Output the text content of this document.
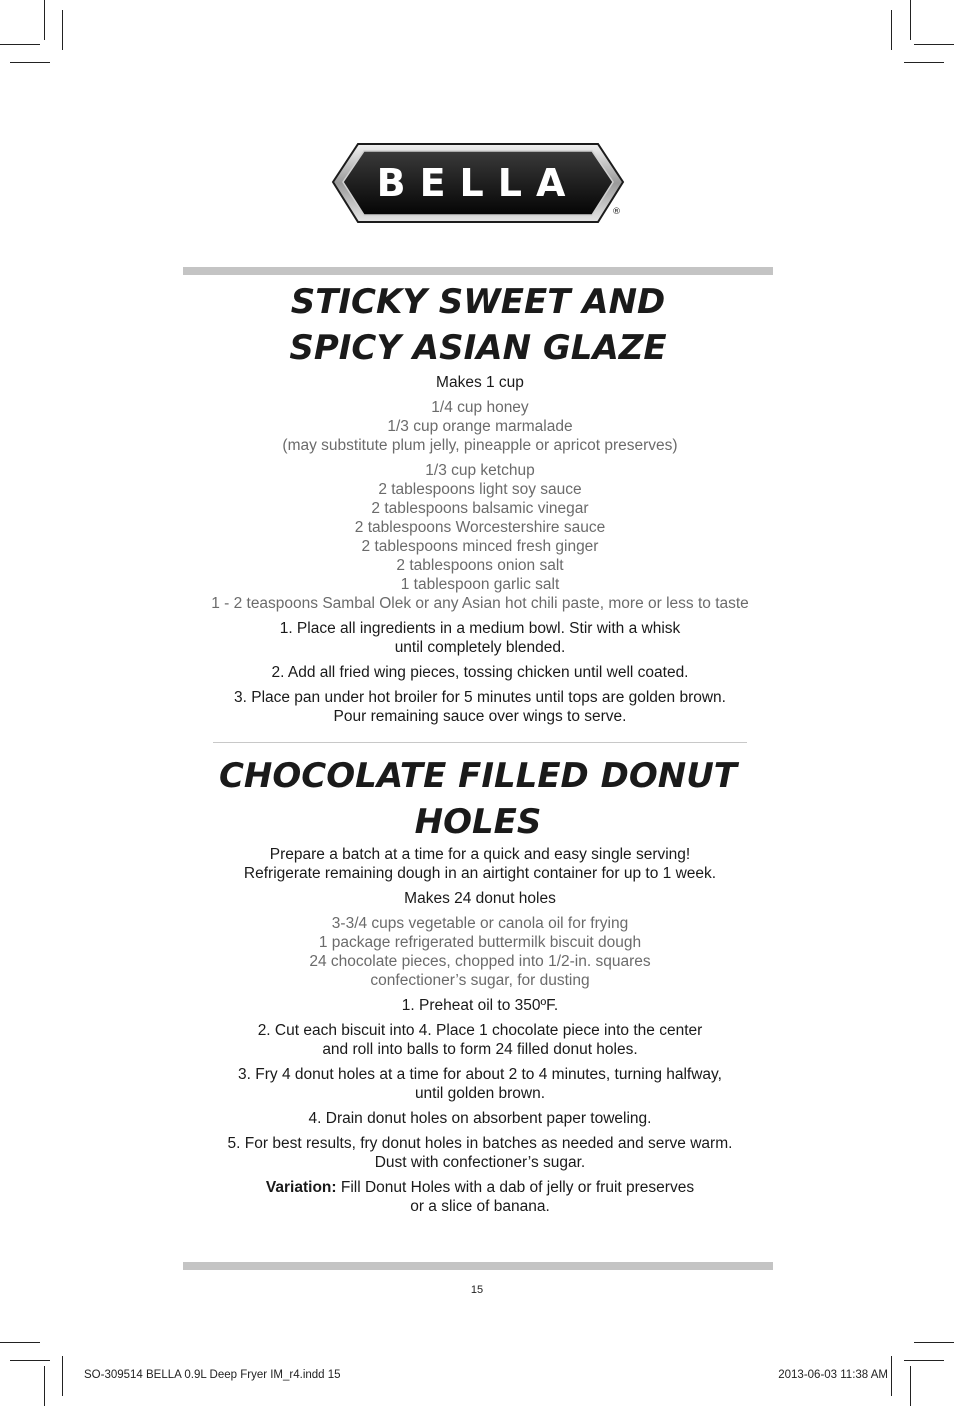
BELLA
®
STICKY SWEET AND
SPICY ASIAN GLAZE
Makes 1 cup
1/4 cup honey
1/3 cup orange marmalade
(may substitute plum jelly, pineapple or apricot preserves)
1/3 cup ketchup
2 tablespoons light soy sauce
2 tablespoons balsamic vinegar
2 tablespoons Worcestershire sauce
2 tablespoons minced fresh ginger
2 tablespoons onion salt
1 tablespoon garlic salt
1 - 2 teaspoons Sambal Olek or any Asian hot chili paste, more or less to taste
1. Place all ingredients in a medium bowl. Stir with a whisk
until completely blended.
2. Add all fried wing pieces, tossing chicken until well coated.
3. Place pan under hot broiler for 5 minutes until tops are golden brown.
Pour remaining sauce over wings to serve.
CHOCOLATE FILLED DONUT
HOLES
Prepare a batch at a time for a quick and easy single serving!
Refrigerate remaining dough in an airtight container for up to 1 week.
Makes 24 donut holes
3-3/4 cups vegetable or canola oil for frying
1 package refrigerated buttermilk biscuit dough
24 chocolate pieces, chopped into 1/2-in. squares
confectioner’s sugar, for dusting
1. Preheat oil to 350ºF.
2. Cut each biscuit into 4. Place 1 chocolate piece into the center
and roll into balls to form 24 filled donut holes.
3. Fry 4 donut holes at a time for about 2 to 4 minutes, turning halfway,
until golden brown.
4. Drain donut holes on absorbent paper toweling.
5. For best results, fry donut holes in batches as needed and serve warm.
Dust with confectioner’s sugar.
Variation: Fill Donut Holes with a dab of jelly or fruit preserves
or a slice of banana.
15
SO-309514 BELLA 0.9L Deep Fryer IM_r4.indd 15	2013-06-03 11:38 AM
